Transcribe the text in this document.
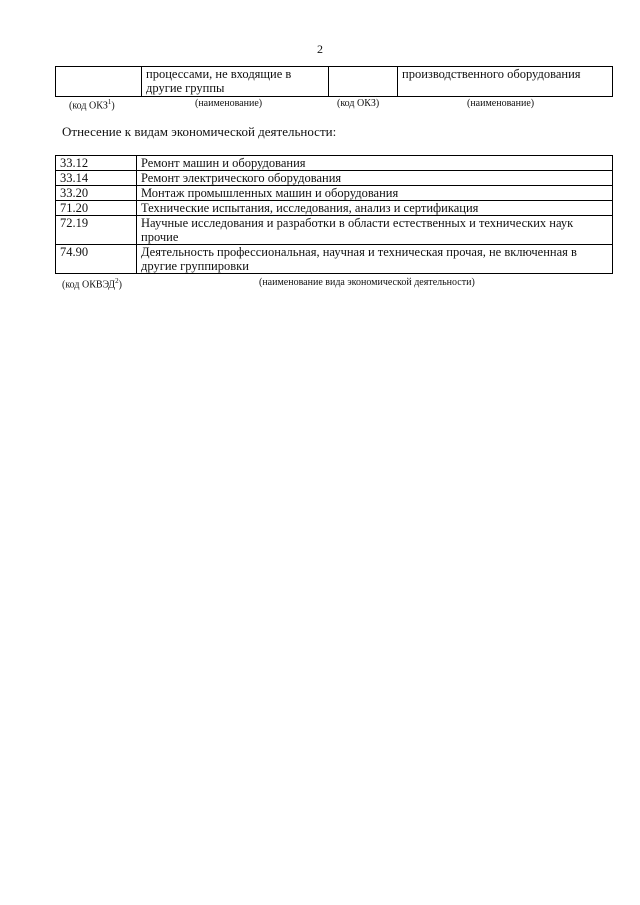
2
	процессами, не входящие в другие группы		производственного оборудования
(код ОКЗ$^1$)	(наименование)	(код ОКЗ)	(наименование)
Отнесение к видам экономической деятельности:
33.12	Ремонт машин и оборудования
33.14	Ремонт электрического оборудования
33.20	Монтаж промышленных машин и оборудования
71.20	Технические испытания, исследования, анализ и сертификация
72.19	Научные исследования и разработки в области естественных и технических наук прочие
74.90	Деятельность профессиональная, научная и техническая прочая, не включенная в другие группировки
(код ОКВЭД$^2$)	(наименование вида экономической деятельности)
